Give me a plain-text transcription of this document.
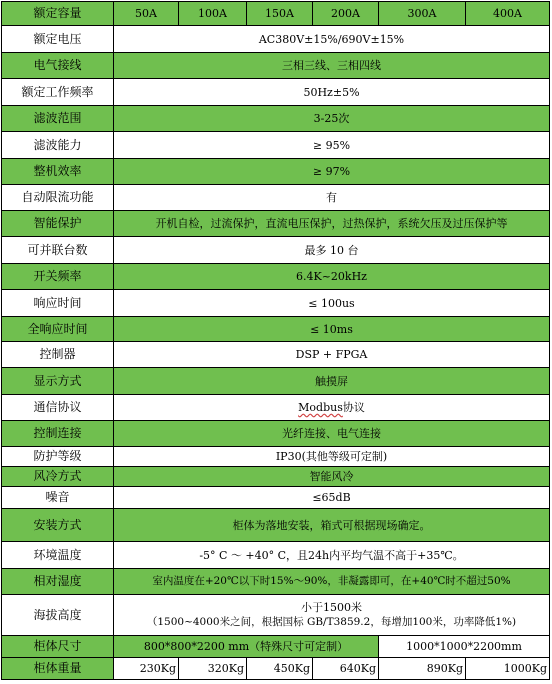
额定容量	50A	100A	150A	200A	300A	400A
额定电压	AC380V±15%/690V±15%					
电气接线	三相三线、三相四线					
额定工作频率	50Hz±5%					
滤波范围	3-25次					
滤波能力	≥ 95%					
整机效率	≥ 97%					
自动限流功能	有					
智能保护	开机自检，过流保护，直流电压保护，过热保护，系统欠压及过压保护等					
可并联台数	最多 10 台					
开关频率	6.4K~20kHz					
响应时间	≤ 100us					
全响应时间	≤ 10ms					
控制器	DSP + FPGA					
显示方式	触摸屏					
通信协议	Modbus协议					
控制连接	光纤连接、电气连接					
防护等级	IP30(其他等级可定制)					
风冷方式	智能风冷					
噪音	≤65dB					
安装方式	柜体为落地安装，箱式可根据现场确定。					
环境温度	-5° C ～ +40° C，且24h内平均气温不高于+35℃。					
相对湿度	室内温度在+20℃以下时15%～90%，非凝露即可，在+40℃时不超过50%					
海拔高度	小于1500米
（1500~4000米之间，根据国标 GB/T3859.2，每增加100米，功率降低1%)					

柜体尺寸	800*800*2200 mm（特殊尺寸可定制）				1000*1000*2200mm	
柜体重量	230Kg	320Kg	450Kg	640Kg	890Kg	1000Kg
